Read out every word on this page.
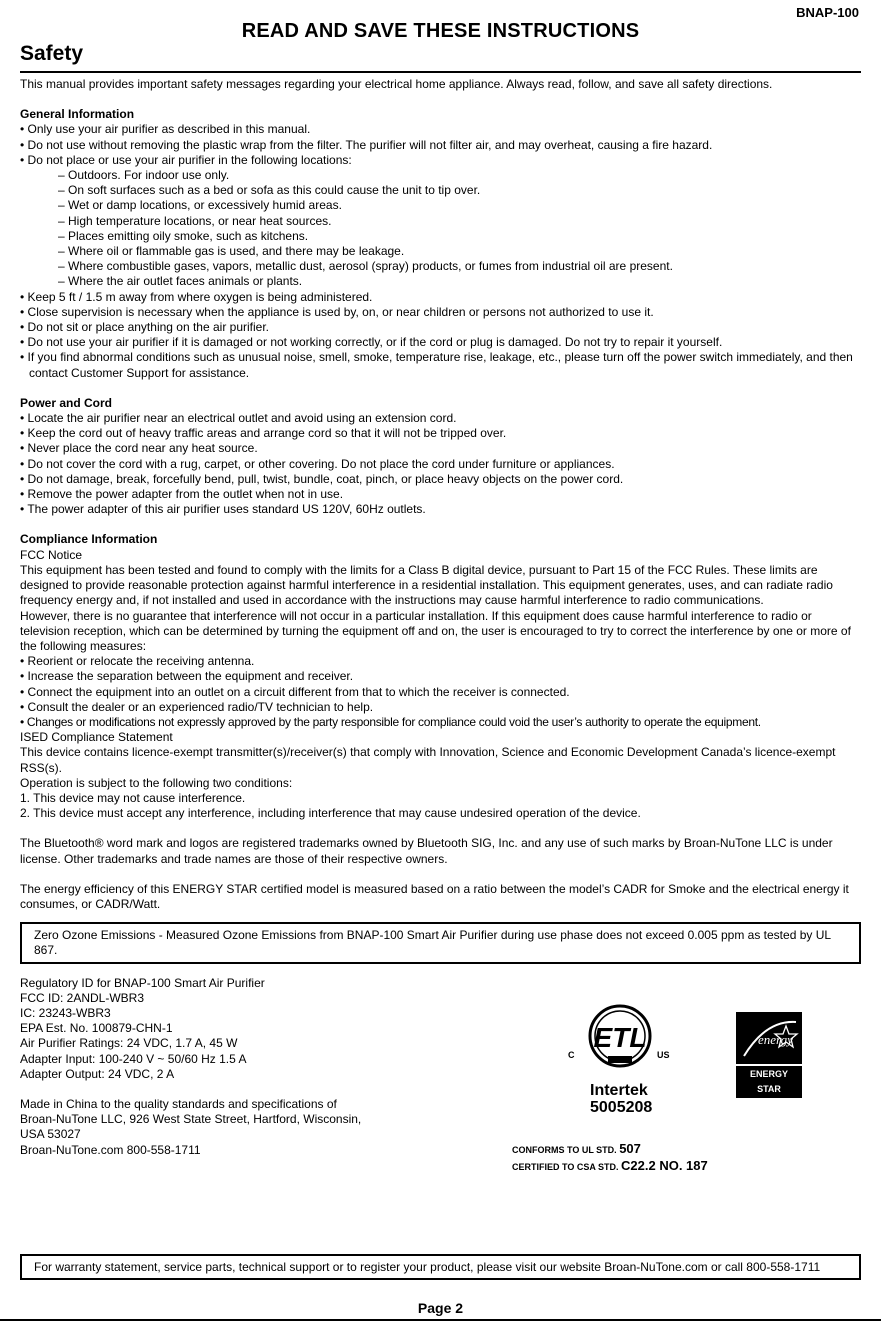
BNAP-100
READ AND SAVE THESE INSTRUCTIONS
Safety

This manual provides important safety messages regarding your electrical home appliance. Always read, follow, and save all safety directions.

General Information

• Only use your air purifier as described in this manual.

• Do not use without removing the plastic wrap from the filter. The purifier will not filter air, and may overheat, causing a fire hazard.

• Do not place or use your air purifier in the following locations:

– Outdoors. For indoor use only.

– On soft surfaces such as a bed or sofa as this could cause the unit to tip over.

– Wet or damp locations, or excessively humid areas.

– High temperature locations, or near heat sources.

– Places emitting oily smoke, such as kitchens.

– Where oil or flammable gas is used, and there may be leakage.

– Where combustible gases, vapors, metallic dust, aerosol (spray) products, or fumes from industrial oil are present.

– Where the air outlet faces animals or plants.

• Keep 5 ft / 1.5 m away from where oxygen is being administered.

• Close supervision is necessary when the appliance is used by, on, or near children or persons not authorized to use it.

• Do not sit or place anything on the air purifier.

• Do not use your air purifier if it is damaged or not working correctly, or if the cord or plug is damaged. Do not try to repair it yourself.

• If you find abnormal conditions such as unusual noise, smell, smoke, temperature rise, leakage, etc., please turn off the power switch immediately, and then contact Customer Support for assistance.

Power and Cord

• Locate the air purifier near an electrical outlet and avoid using an extension cord.

• Keep the cord out of heavy traffic areas and arrange cord so that it will not be tripped over.

• Never place the cord near any heat source.

• Do not cover the cord with a rug, carpet, or other covering. Do not place the cord under furniture or appliances.

• Do not damage, break, forcefully bend, pull, twist, bundle, coat, pinch, or place heavy objects on the power cord.

• Remove the power adapter from the outlet when not in use.

• The power adapter of this air purifier uses standard US 120V, 60Hz outlets.

Compliance Information

FCC Notice

This equipment has been tested and found to comply with the limits for a Class B digital device, pursuant to Part 15 of the FCC Rules. These limits are designed to provide reasonable protection against harmful interference in a residential installation. This equipment generates, uses, and can radiate radio frequency energy and, if not installed and used in accordance with the instructions may cause harmful interference to radio communications.

However, there is no guarantee that interference will not occur in a particular installation. If this equipment does cause harmful interference to radio or television reception, which can be determined by turning the equipment off and on, the user is encouraged to try to correct the interference by one or more of the following measures:

• Reorient or relocate the receiving antenna.

• Increase the separation between the equipment and receiver.

• Connect the equipment into an outlet on a circuit different from that to which the receiver is connected.

• Consult the dealer or an experienced radio/TV technician to help.

• Changes or modifications not expressly approved by the party responsible for compliance could void the user’s authority to operate the equipment.

ISED Compliance Statement

This device contains licence-exempt transmitter(s)/receiver(s) that comply with Innovation, Science and Economic Development Canada’s licence-exempt RSS(s).

Operation is subject to the following two conditions:

1. This device may not cause interference.

2. This device must accept any interference, including interference that may cause undesired operation of the device.

The Bluetooth® word mark and logos are registered trademarks owned by Bluetooth SIG, Inc. and any use of such marks by Broan-NuTone LLC is under license. Other trademarks and trade names are those of their respective owners.

The energy efficiency of this ENERGY STAR certified model is measured based on a ratio between the model’s CADR for Smoke and the electrical energy it consumes, or CADR/Watt.

Zero Ozone Emissions - Measured Ozone Emissions from BNAP-100 Smart Air Purifier during use phase does not exceed 0.005 ppm as tested by UL 867.

Regulatory ID for BNAP-100 Smart Air Purifier

FCC ID: 2ANDL-WBR3

IC: 23243-WBR3

EPA Est. No. 100879-CHN-1

Air Purifier Ratings: 24 VDC, 1.7 A, 45 W

Adapter Input: 100-240 V ~ 50/60 Hz 1.5 A

Adapter Output: 24 VDC, 2 A

Made in China to the quality standards and specifications of

Broan-NuTone LLC, 926 West State Street, Hartford, Wisconsin,

USA 53027

Broan-NuTone.com 800-558-1711

ETL
C	US
Intertek
5005208
energy
ENERGY STAR
CONFORMS TO UL STD. 507
CERTIFIED TO CSA STD. C22.2 NO. 187

For warranty statement, service parts, technical support or to register your product, please visit our website Broan-NuTone.com or call 800-558-1711

Page 2
